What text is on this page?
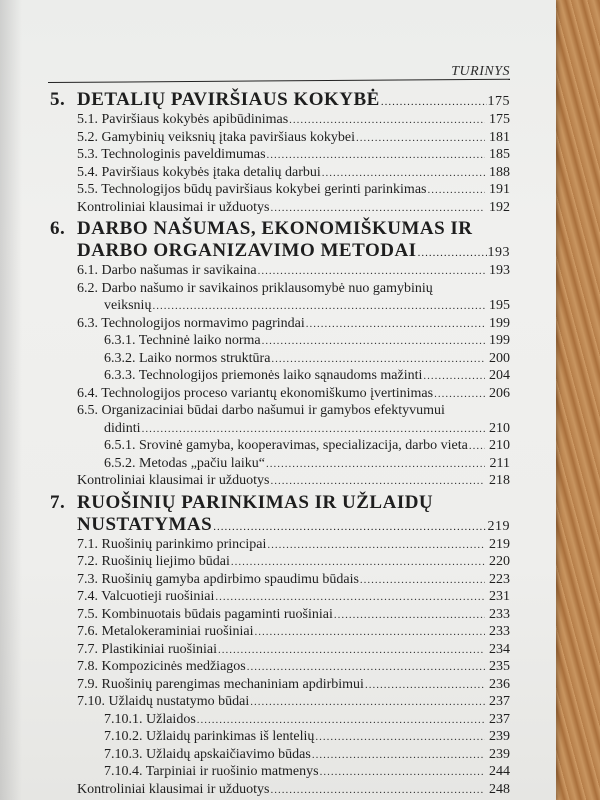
TURINYS
5. DETALIŲ PAVIRŠIAUS KOKYBĖ .....	175
5.1. Paviršiaus kokybės apibūdinimas .....	175
5.2. Gamybinių veiksnių įtaka paviršiaus kokybei .....	181
5.3. Technologinis paveldimumas .....	185
5.4. Paviršiaus kokybės įtaka detalių darbui .....	188
5.5. Technologijos būdų paviršiaus kokybei gerinti parinkimas .....	191
Kontroliniai klausimai ir užduotys .....	192
6. DARBO NAŠUMAS, EKONOMIŠKUMAS IR
DARBO ORGANIZAVIMO METODAI .....	193
6.1. Darbo našumas ir savikaina .....	193
6.2. Darbo našumo ir savikainos priklausomybė nuo gamybinių
veiksnių .....	195
6.3. Technologijos normavimo pagrindai .....	199
6.3.1. Techninė laiko norma .....	199
6.3.2. Laiko normos struktūra .....	200
6.3.3. Technologijos priemonės laiko sąnaudoms mažinti .....	204
6.4. Technologijos proceso variantų ekonomiškumo įvertinimas .....	206
6.5. Organizaciniai būdai darbo našumui ir gamybos efektyvumui
didinti .....	210
6.5.1. Srovinė gamyba, kooperavimas, specializacija, darbo vieta ..... 210
6.5.2. Metodas „pačiu laiku“ .....	211
Kontroliniai klausimai ir užduotys .....	218
7. RUOŠINIŲ PARINKIMAS IR UŽLAIDŲ
NUSTATYMAS .....	219
7.1. Ruošinių parinkimo principai .....	219
7.2. Ruošinių liejimo būdai .....	220
7.3. Ruošinių gamyba apdirbimo spaudimu būdais .....	223
7.4. Valcuotieji ruošiniai .....	231
7.5. Kombinuotais būdais pagaminti ruošiniai .....	233
7.6. Metalokeraminiai ruošiniai .....	233
7.7. Plastikiniai ruošiniai .....	234
7.8. Kompozicinės medžiagos .....	235
7.9. Ruošinių parengimas mechaniniam apdirbimui .....	236
7.10. Užlaidų nustatymo būdai .....	237
7.10.1. Užlaidos .....	237
7.10.2. Užlaidų parinkimas iš lentelių .....	239
7.10.3. Užlaidų apskaičiavimo būdas .....	239
7.10.4. Tarpiniai ir ruošinio matmenys .....	244
Kontroliniai klausimai ir užduotys .....	248
